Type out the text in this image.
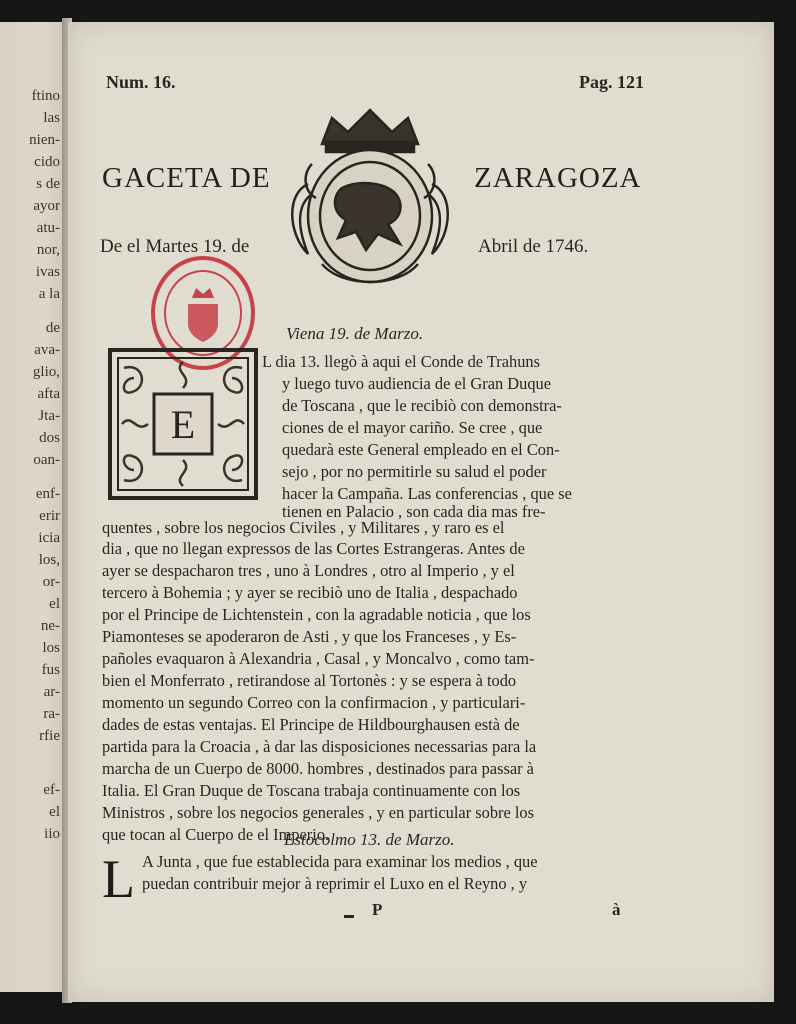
ftino
las
nien-
cido
s de
ayor
atu-
nor,
ivas
a la
de
ava-
glio,
afta
Jta-
dos
oan-
enf-
erir
icia
los,
or-
el
ne-
los
fus
ar-
ra-
rfie
ef-
el
iio
Num. 16.	Pag. 121
GACETA DE	ZARAGOZA
De el Martes 19. de	Abril de 1746.
Viena 19. de Marzo.
E
L dia 13. llegò à aqui el Conde de Trahuns
y luego tuvo audiencia de el Gran Duque
de Toscana , que le recibiò con demonstra-
ciones de el mayor cariño. Se cree , que
quedarà este General empleado en el Con-
sejo , por no permitirle su salud el poder
hacer la Campaña. Las conferencias , que se
tienen en Palacio , son cada dia mas fre-
quentes , sobre los negocios Civiles , y Militares , y raro es el
dia , que no llegan expressos de las Cortes Estrangeras. Antes de
ayer se despacharon tres , uno à Londres , otro al Imperio , y el
tercero à Bohemia ; y ayer se recibiò uno de Italia , despachado
por el Principe de Lichtenstein , con la agradable noticia , que los
Piamonteses se apoderaron de Asti , y que los Franceses , y Es-
pañoles evaquaron à Alexandria , Casal , y Moncalvo , como tam-
bien el Monferrato , retirandose al Tortonès : y se espera à todo
momento un segundo Correo con la confirmacion , y particulari-
dades de estas ventajas. El Principe de Hildbourghausen està de
partida para la Croacia , à dar las disposiciones necessarias para la
marcha de un Cuerpo de 8000. hombres , destinados para passar à
Italia. El Gran Duque de Toscana trabaja continuamente con los
Ministros , sobre los negocios generales , y en particular sobre los
que tocan al Cuerpo de el Imperio.
Estocolmo 13. de Marzo.
L A Junta , que fue establecida para examinar los medios , que
puedan contribuir mejor à reprimir el Luxo en el Reyno , y
P	à
